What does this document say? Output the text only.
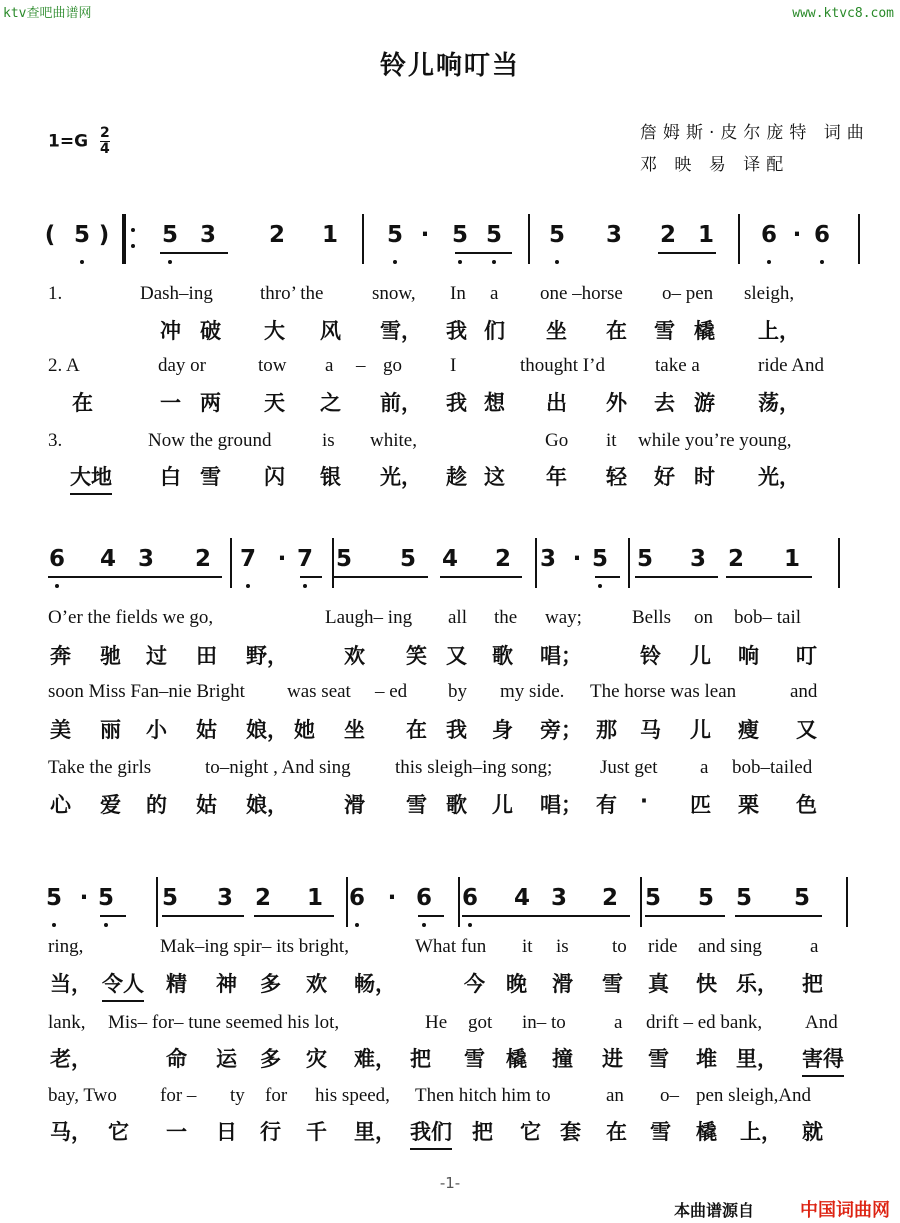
ktv查吧曲谱网	www.ktvc8.com
铃儿响叮当
$1=G \frac{2}{4}$	詹姆斯·皮尔庞特 词曲
邓 映 易 译配
( 5 ) 5 3 2 1 5 · 5 5 5 3 2 1 6 · 6
1.	Dash–ing thro’ the	snow, In a one –horse o– pen sleigh,
冲 破 大 风 雪， 我 们 坐 在 雪 橇 上，
2. A	day or	tow a – go	I	thought I’d	take a	ride And
在	一 两 天 之 前， 我 想 出 外 去 游 荡，
3.	Now the ground	is white,	Go it while you’re young,
大地 白 雪 闪 银 光， 趁 这 年 轻 好 时 光，
6 4 3 2 7 · 7 5 5 4 2 3 · 5 5 3 2 1
O’er the fields we go,	Laugh– ing all the way;	Bells on bob– tail
奔 驰 过 田 野，	欢 笑 又 歌 唱；	铃 儿 响 叮
soon Miss Fan–nie Bright was seat – ed by my side. The horse was lean	and
美 丽 小 姑 娘， 她 坐 在 我 身 旁； 那 马 儿 瘦 又
Take the girls	to–night , And sing this sleigh–ing song;	Just get a bob–tailed
心 爱 的 姑 娘，	滑 雪 歌 儿 唱； 有 · 匹 栗 色
5 · 5 5 3 2 1 6 · 6 6 4 3 2 5 5 5 5
ring,	Mak–ing spir– its bright,	What fun it is to ride and sing	a
当， 令人 精 神 多 欢 畅，	今 晚 滑 雪 真 快 乐， 把
lank, Mis– for– tune seemed his lot,	He got in– to	a drift – ed bank, And
老，	命 运 多 灾 难， 把 雪 橇 撞 进 雪 堆 里， 害得
bay, Two for – ty for his speed, Then hitch him to	an o– pen sleigh,And
马， 它 一 日 行 千 里， 我们 把 它 套 在 雪 橇 上， 就
-1-
本曲谱源自	中国词曲网
